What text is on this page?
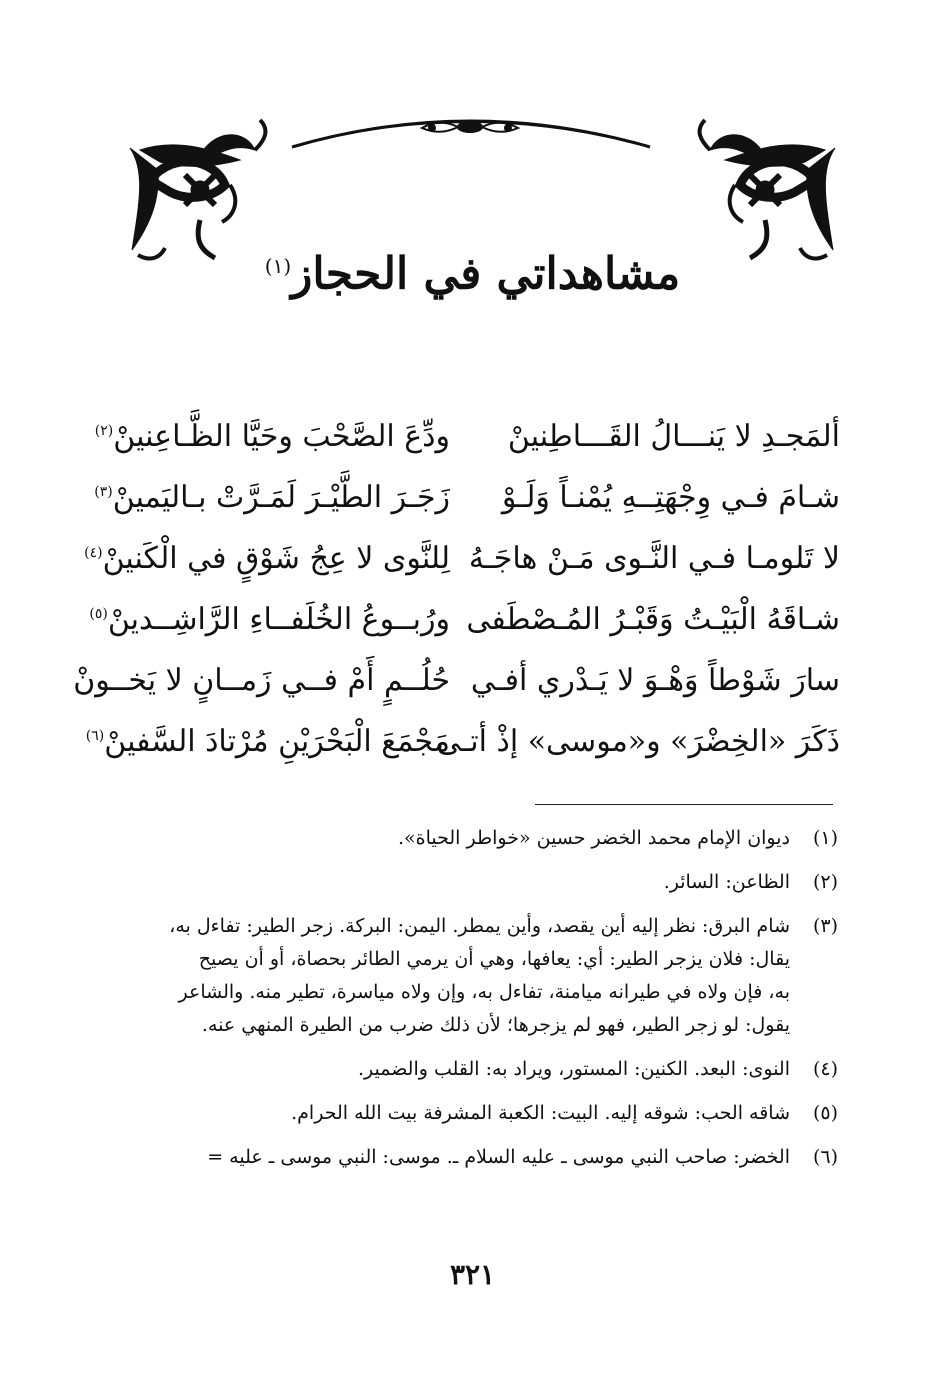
مشاهداتي في الحجاز$^{(١)}$
ألمَجـدِ لا يَنـــالُ القَـــاطِنينْ
ودِّعَ الصَّحْبَ وحَيَّا الظَّـاعِنينْ$^{(٢)}$
شـامَ فـي وِجْهَتِــهِ يُمْنـاً وَلَـوْ
زَجَـرَ الطَّيْـرَ لَمَـرَّتْ بـاليَمينْ$^{(٣)}$
لا تَلومـا فـي النَّـوى مَـنْ هاجَـهُ
لِلنَّوى لا عِجُ شَوْقٍ في الْكَنينْ$^{(٤)}$
شـاقَهُ الْبَيْـتُ وَقَبْـرُ المُـصْطَفى
ورُبــوعُ الخُلَفــاءِ الرَّاشِــدينْ$^{(٥)}$
سارَ شَوْطاً وَهْـوَ لا يَـدْري أفـي
حُلُــمٍ أَمْ فــي زَمــانٍ لا يَخــونْ
ذَكَرَ «الخِضْرَ» و«موسى» إذْ أتـى
مَجْمَعَ الْبَحْرَيْنِ مُرْتادَ السَّفينْ$^{(٦)}$
(١)
ديوان الإمام محمد الخضر حسين «خواطر الحياة».
(٢)
الظاعن: السائر.
(٣)
شام البرق: نظر إليه أين يقصد، وأين يمطر. اليمن: البركة. زجر الطير: تفاءل به،
يقال: فلان يزجر الطير: أي: يعافها، وهي أن يرمي الطائر بحصاة، أو أن يصيح
به، فإن ولاه في طيرانه ميامنة، تفاءل به، وإن ولاه مياسرة، تطير منه. والشاعر
يقول: لو زجر الطير، فهو لم يزجرها؛ لأن ذلك ضرب من الطيرة المنهي عنه.
(٤)
النوى: البعد. الكنين: المستور، ويراد به: القلب والضمير.
(٥)
شاقه الحب: شوقه إليه. البيت: الكعبة المشرفة بيت الله الحرام.
(٦)
الخضر: صاحب النبي موسى ـ عليه السلام ـ. موسى: النبي موسى ـ عليه =
٣٢١
